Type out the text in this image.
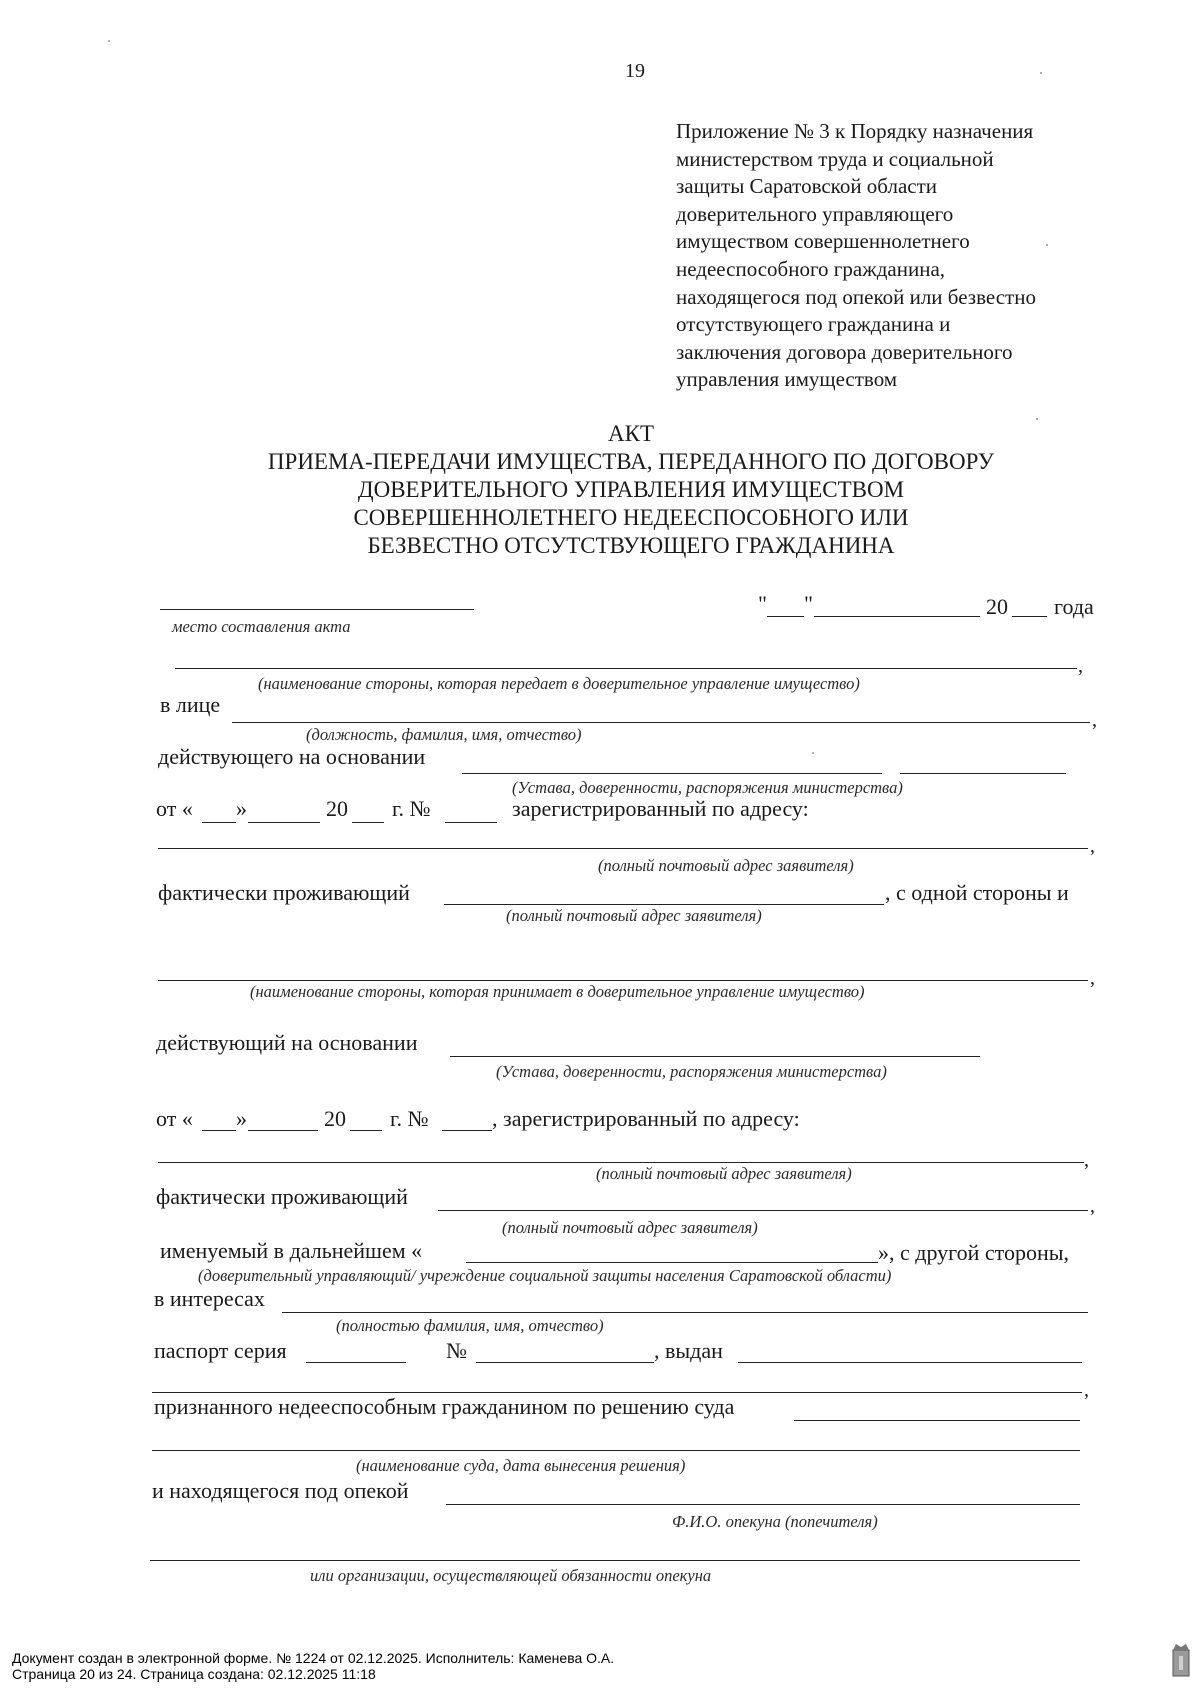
19
Приложение № 3 к Порядку назначения
министерством труда и социальной
защиты Саратовской области
доверительного управляющего
имуществом совершеннолетнего
недееспособного гражданина,
находящегося под опекой или безвестно
отсутствующего гражданина и
заключения договора доверительного
управления имуществом
АКТ
ПРИЕМА-ПЕРЕДАЧИ ИМУЩЕСТВА, ПЕРЕДАННОГО ПО ДОГОВОРУ
ДОВЕРИТЕЛЬНОГО УПРАВЛЕНИЯ ИМУЩЕСТВОМ
СОВЕРШЕННОЛЕТНЕГО НЕДЕЕСПОСОБНОГО ИЛИ
БЕЗВЕСТНО ОТСУТСТВУЮЩЕГО ГРАЖДАНИНА
место составления акта
" "	20 года
,
(наименование стороны, которая передает в доверительное управление имущество)
в лице
,
(должность, фамилия, имя, отчество)
действующего на основании
(Устава, доверенности, распоряжения министерства)
от « »	20 г. №	зарегистрированный по адресу:
,
(полный почтовый адрес заявителя)
фактически проживающий	, с одной стороны и
(полный почтовый адрес заявителя)
,
(наименование стороны, которая принимает в доверительное управление имущество)
действующий на основании
(Устава, доверенности, распоряжения министерства)
от « »	20 г. №	, зарегистрированный по адресу:
,
(полный почтовый адрес заявителя)
фактически проживающий	,
(полный почтовый адрес заявителя)
именуемый в дальнейшем «	», с другой стороны,
(доверительный управляющий/ учреждение социальной защиты населения Саратовской области)
в интересах
(полностью фамилия, имя, отчество)
паспорт серия	№	, выдан
,
признанного недееспособным гражданином по решению суда
(наименование суда, дата вынесения решения)
и находящегося под опекой
Ф.И.О. опекуна (попечителя)
или организации, осуществляющей обязанности опекуна
Документ создан в электронной форме. № 1224 от 02.12.2025. Исполнитель: Каменева О.А.
Страница 20 из 24. Страница создана: 02.12.2025 11:18
